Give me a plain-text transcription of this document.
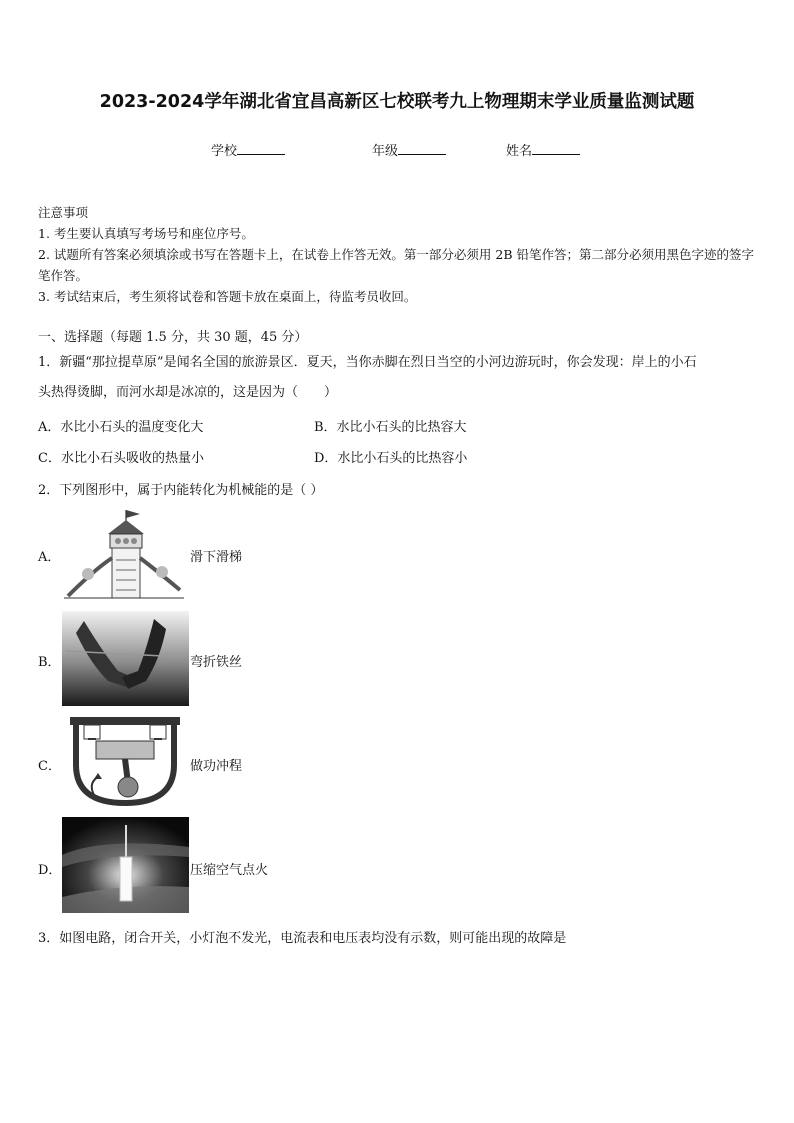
2023-2024学年湖北省宜昌高新区七校联考九上物理期末学业质量监测试题
学校	年级	姓名

注意事项

1. 考生要认真填写考场号和座位序号。

2. 试题所有答案必须填涂或书写在答题卡上，在试卷上作答无效。第一部分必须用 2B 铅笔作答；第二部分必须用黑色字迹的签字笔作答。

3. 考试结束后，考生须将试卷和答题卡放在桌面上，待监考员收回。

一、选择题（每题 1.5 分，共 30 题，45 分）
1．新疆“那拉提草原”是闻名全国的旅游景区．夏天，当你赤脚在烈日当空的小河边游玩时，你会发现：岸上的小石
头热得烫脚，而河水却是冰凉的，这是因为（　　）
A．水比小石头的温度变化大	B．水比小石头的比热容大
C．水比小石头吸收的热量小	D．水比小石头的比热容小
2．下列图形中，属于内能转化为机械能的是（ ）
A．	滑下滑梯
B．	弯折铁丝
C．	做功冲程
D．	压缩空气点火
3．如图电路，闭合开关，小灯泡不发光，电流表和电压表均没有示数，则可能出现的故障是
